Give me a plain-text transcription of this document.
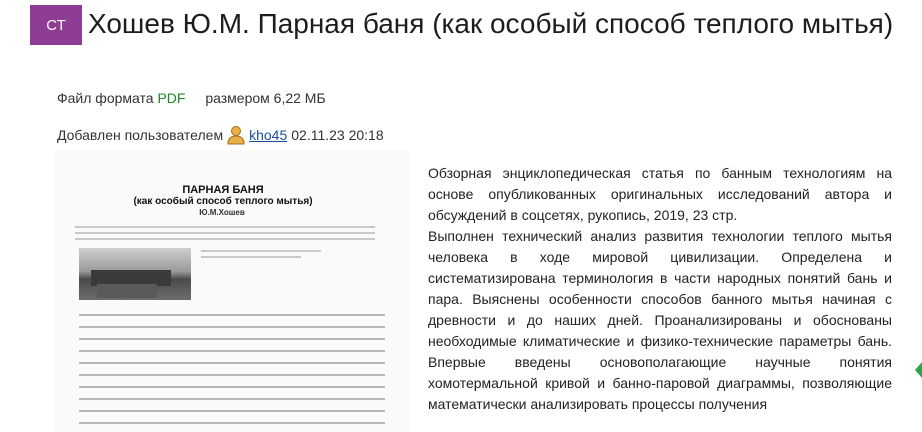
СТ Хошев Ю.М. Парная баня (как особый способ теплого мытья)
Файл формата PDF размером 6,22 МБ
Добавлен пользователем kho45 02.11.23 20:18
ПАРНАЯ БАНЯ
(как особый способ теплого мытья)
Ю.М.Хошев

Обзорная энциклопедическая статья по банным технологиям на основе опубликованных оригинальных исследований автора и обсуждений в соцсетях, рукопись, 2019, 23 стр.

Выполнен технический анализ развития технологии теплого мытья человека в ходе мировой цивилизации. Определена и систематизирована терминология в части народных понятий бань и пара. Выяснены особенности способов банного мытья начиная с древности и до наших дней. Проанализированы и обоснованы необходимые климатические и физико-технические параметры бань. Впервые введены основополагающие научные понятия хомотермальной кривой и банно-паровой диаграммы, позволяющие математически анализировать процессы получения
